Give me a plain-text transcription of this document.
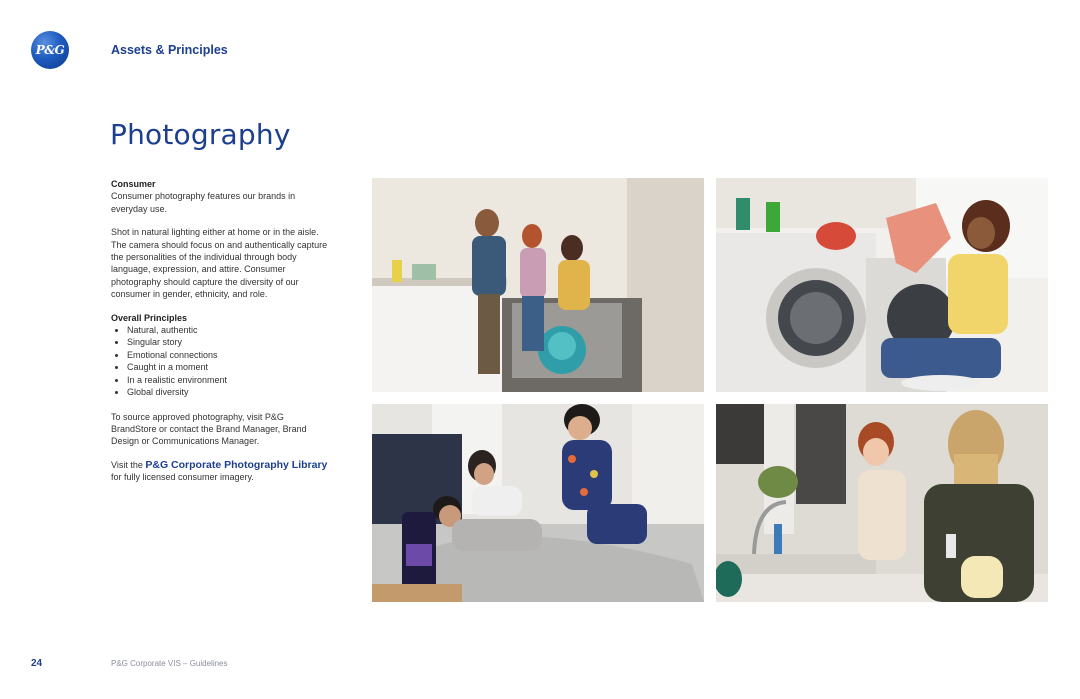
P&G	Assets & Principles
Photography

Consumer

Consumer photography features our brands in everyday use.

Shot in natural lighting either at home or in the aisle. The camera should focus on and authentically capture the personalities of the individual through body language, expression, and attire. Consumer photography should capture the diversity of our consumer in gender, ethnicity, and role.

Overall Principles

• Natural, authentic
• Singular story
• Emotional connections
• Caught in a moment
• In a realistic environment
• Global diversity

To source approved photography, visit P&G BrandStore or contact the Brand Manager, Brand Design or Communications Manager.

Visit the P&G Corporate Photography Library for fully licensed consumer imagery.

24	P&G Corporate VIS – Guidelines
